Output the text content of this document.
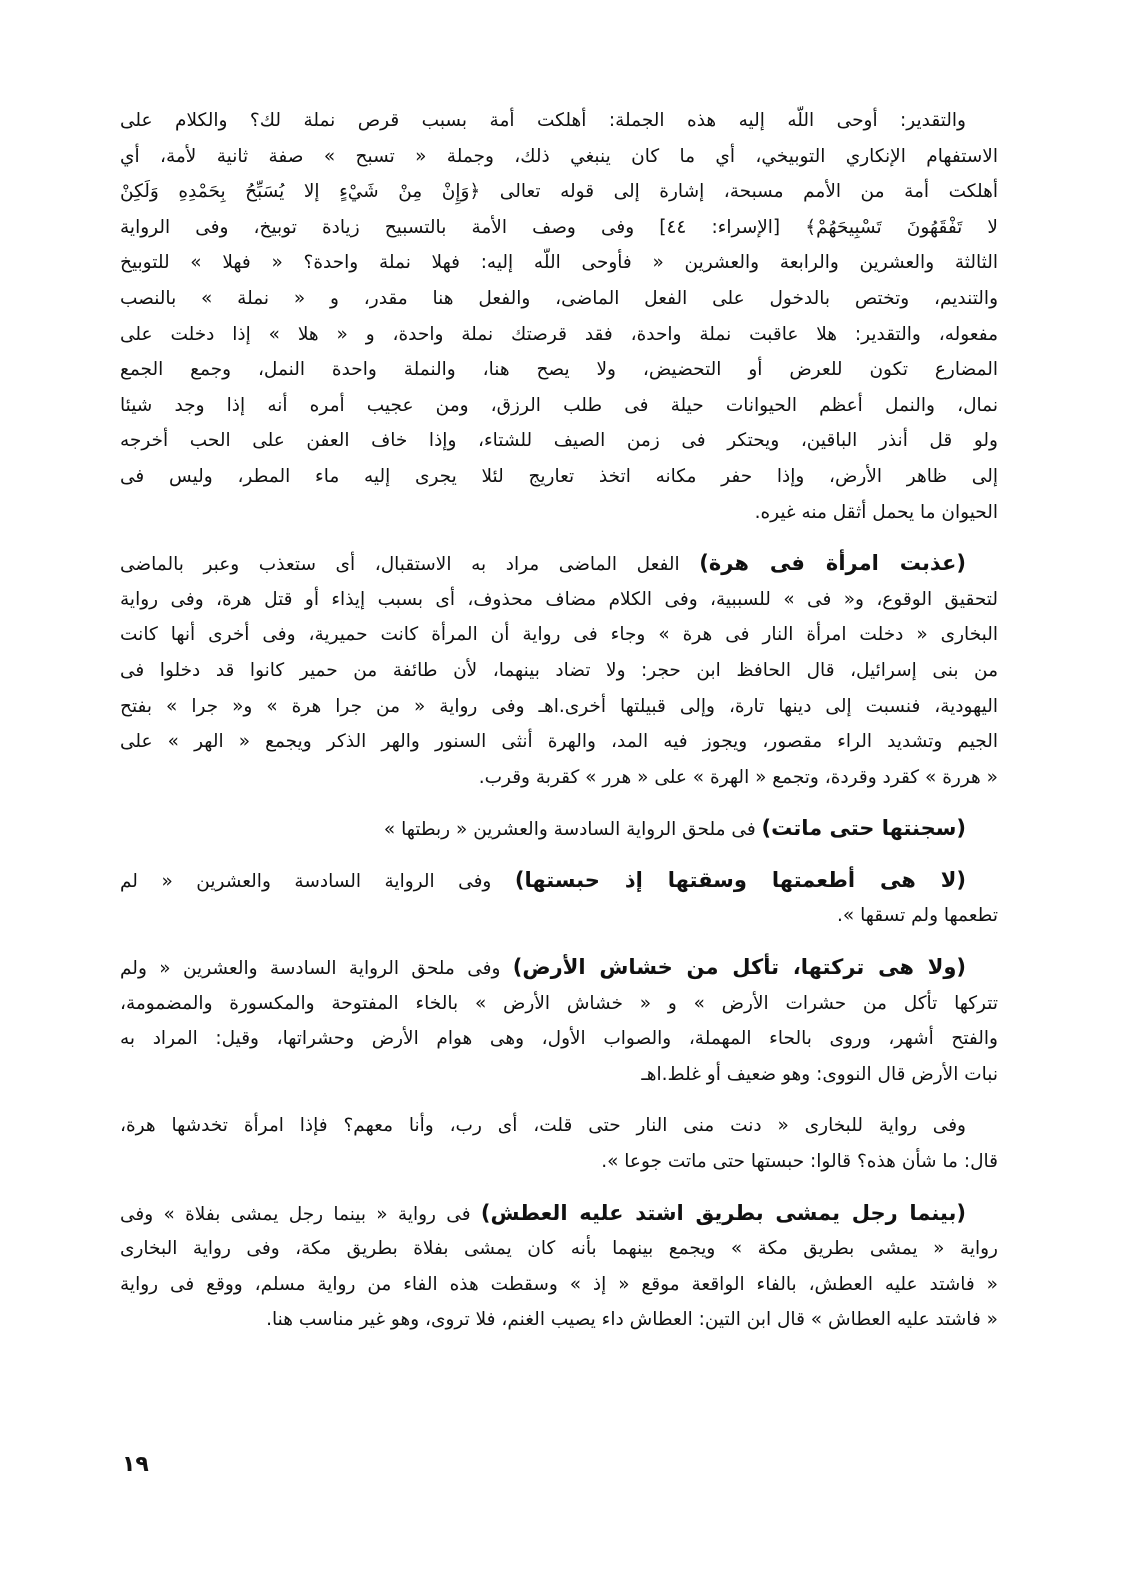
والتقدير: أوحى اللّه إليه هذه الجملة: أهلكت أمة بسبب قرص نملة لك؟ والكلام على
الاستفهام الإنكاري التوبيخي، أي ما كان ينبغي ذلك، وجملة « تسبح » صفة ثانية لأمة، أي
أهلكت أمة من الأمم مسبحة، إشارة إلى قوله تعالى ﴿وَإِنْ مِنْ شَيْءٍ إلا يُسَبِّحُ بِحَمْدِهِ وَلَكِنْ
لا تَفْقَهُونَ تَسْبِيحَهُمْ﴾ [الإسراء: ٤٤] وفى وصف الأمة بالتسبيح زيادة توبيخ، وفى الرواية
الثالثة والعشرين والرابعة والعشرين « فأوحى اللّه إليه: فهلا نملة واحدة؟ « فهلا » للتوبيخ
والتنديم، وتختص بالدخول على الفعل الماضى، والفعل هنا مقدر، و « نملة » بالنصب
مفعوله، والتقدير: هلا عاقبت نملة واحدة، فقد قرصتك نملة واحدة، و « هلا » إذا دخلت على
المضارع تكون للعرض أو التحضيض، ولا يصح هنا، والنملة واحدة النمل، وجمع الجمع
نمال، والنمل أعظم الحيوانات حيلة فى طلب الرزق، ومن عجيب أمره أنه إذا وجد شيئا
ولو قل أنذر الباقين، ويحتكر فى زمن الصيف للشتاء، وإذا خاف العفن على الحب أخرجه
إلى ظاهر الأرض، وإذا حفر مكانه اتخذ تعاريج لئلا يجرى إليه ماء المطر، وليس فى
الحيوان ما يحمل أثقل منه غيره.
(عذبت امرأة فى هرة) الفعل الماضى مراد به الاستقبال، أى ستعذب وعبر بالماضى
لتحقيق الوقوع، و« فى » للسببية، وفى الكلام مضاف محذوف، أى بسبب إيذاء أو قتل هرة، وفى رواية
البخارى « دخلت امرأة النار فى هرة » وجاء فى رواية أن المرأة كانت حميرية، وفى أخرى أنها كانت
من بنى إسرائيل، قال الحافظ ابن حجر: ولا تضاد بينهما، لأن طائفة من حمير كانوا قد دخلوا فى
اليهودية، فنسبت إلى دينها تارة، وإلى قبيلتها أخرى.اهـ وفى رواية « من جرا هرة » و« جرا » بفتح
الجيم وتشديد الراء مقصور، ويجوز فيه المد، والهرة أنثى السنور والهر الذكر ويجمع « الهر » على
« هررة » كقرد وقردة، وتجمع « الهرة » على « هرر » كقربة وقرب.
(سجنتها حتى ماتت) فى ملحق الرواية السادسة والعشرين « ربطتها »
(لا هى أطعمتها وسقتها إذ حبستها) وفى الرواية السادسة والعشرين « لم
تطعمها ولم تسقها ».
(ولا هى تركتها، تأكل من خشاش الأرض) وفى ملحق الرواية السادسة والعشرين « ولم
تتركها تأكل من حشرات الأرض » و « خشاش الأرض » بالخاء المفتوحة والمكسورة والمضمومة،
والفتح أشهر، وروى بالحاء المهملة، والصواب الأول، وهى هوام الأرض وحشراتها، وقيل: المراد به
نبات الأرض قال النووى: وهو ضعيف أو غلط.اهـ
وفى رواية للبخارى « دنت منى النار حتى قلت، أى رب، وأنا معهم؟ فإذا امرأة تخدشها هرة،
قال: ما شأن هذه؟ قالوا: حبستها حتى ماتت جوعا ».
(بينما رجل يمشى بطريق اشتد عليه العطش) فى رواية « بينما رجل يمشى بفلاة » وفى
رواية « يمشى بطريق مكة » ويجمع بينهما بأنه كان يمشى بفلاة بطريق مكة، وفى رواية البخارى
« فاشتد عليه العطش، بالفاء الواقعة موقع « إذ » وسقطت هذه الفاء من رواية مسلم، ووقع فى رواية
« فاشتد عليه العطاش » قال ابن التين: العطاش داء يصيب الغنم، فلا تروى، وهو غير مناسب هنا.
١٩
